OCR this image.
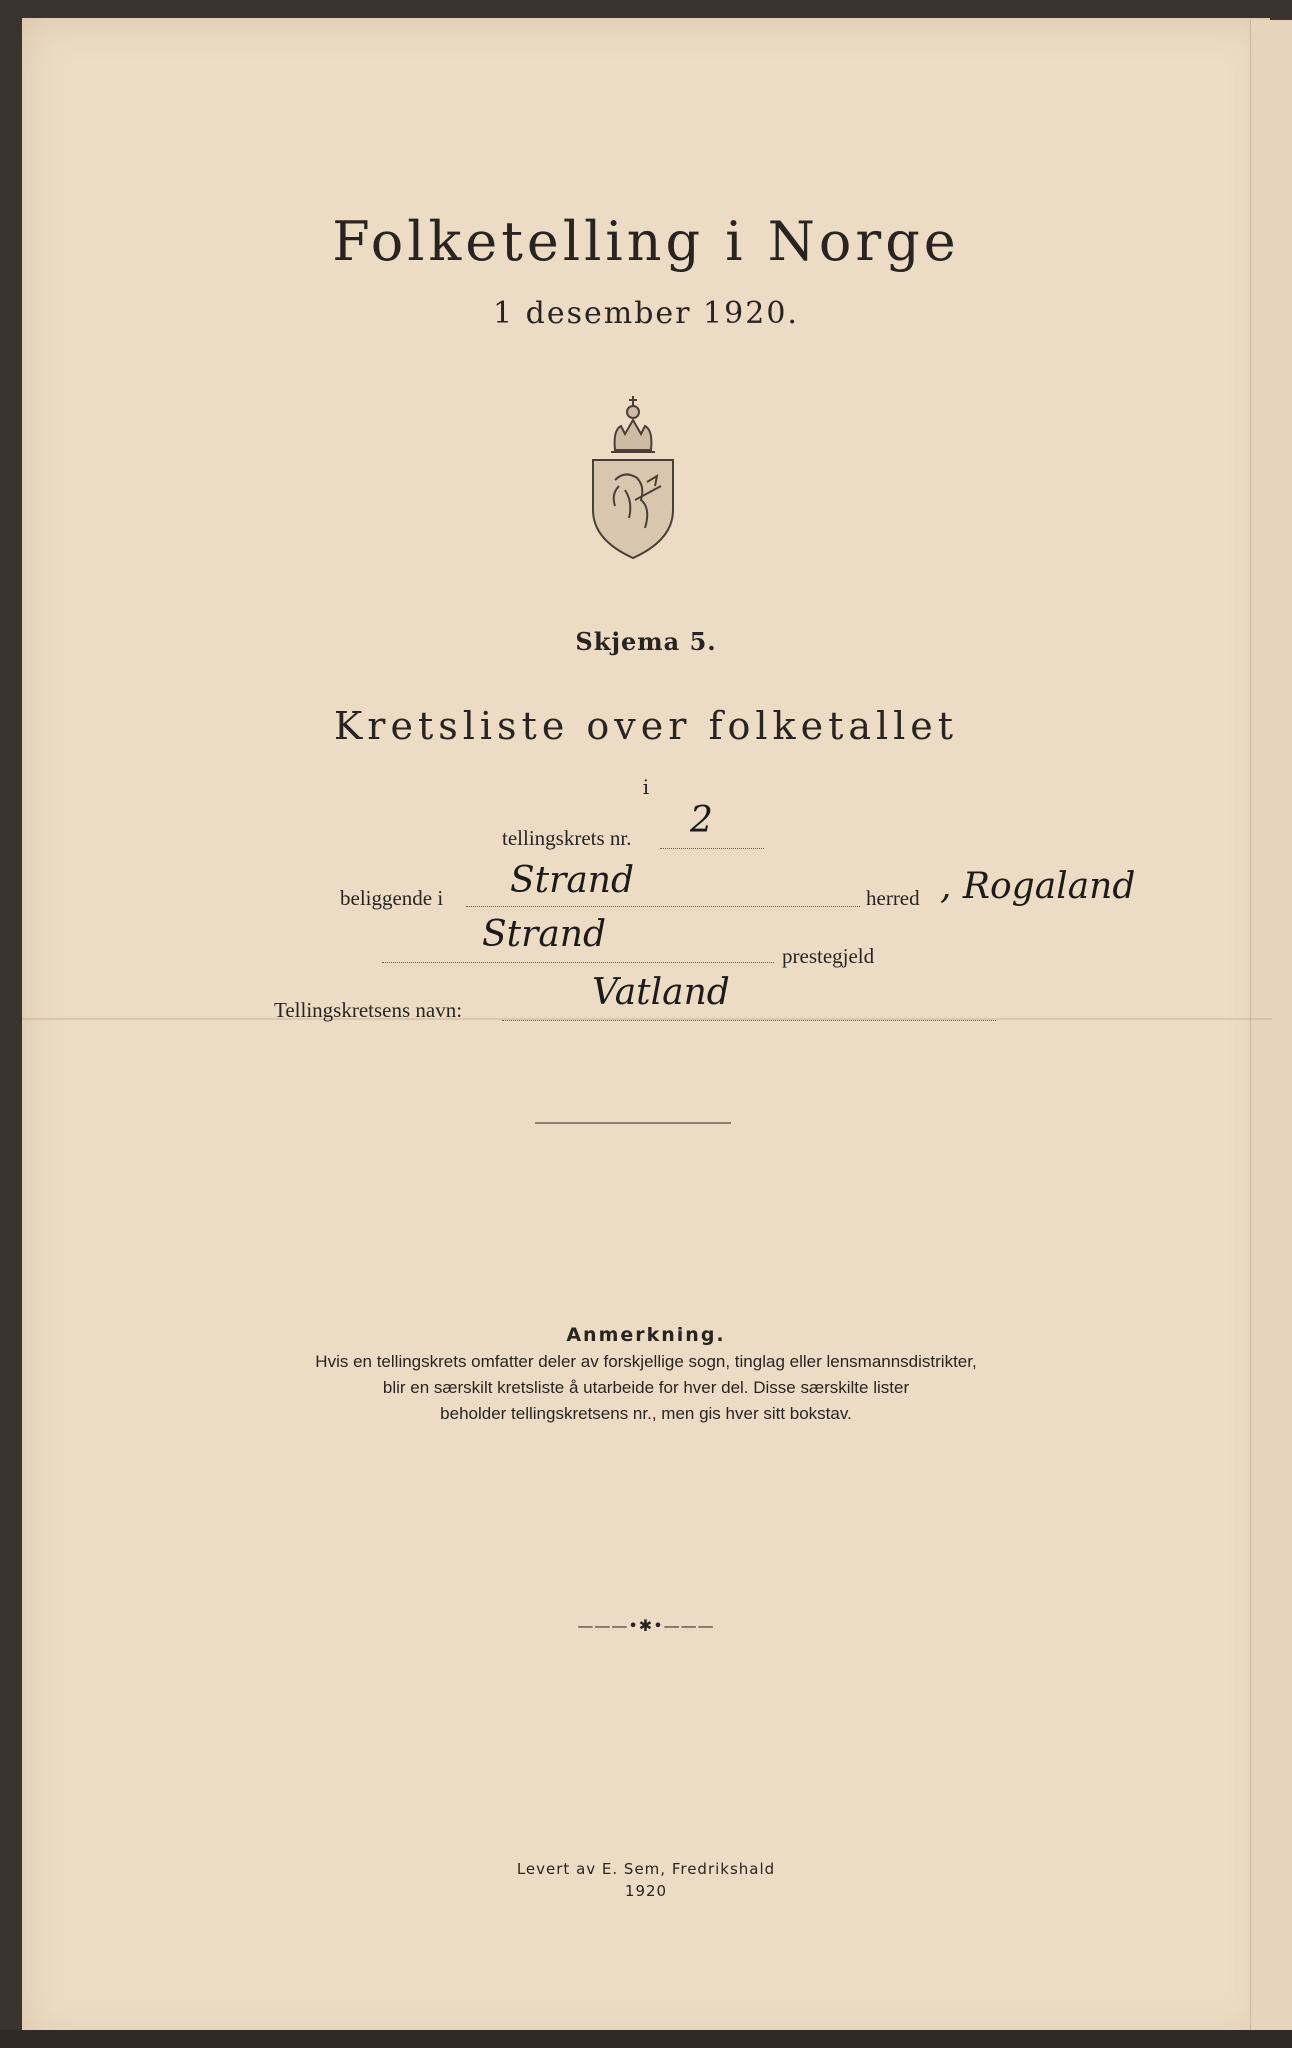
Folketelling i Norge
1 desember 1920.
Skjema 5.
Kretsliste over folketallet
i
tellingskrets nr. 2
beliggende i Strand	herred , Rogaland
Strand
prestegjeld
Tellingskretsens navn:	Vatland
Anmerkning.
Hvis en tellingskrets omfatter deler av forskjellige sogn, tinglag eller lensmannsdistrikter,
blir en særskilt kretsliste å utarbeide for hver del. Disse særskilte lister
beholder tellingskretsens nr., men gis hver sitt bokstav.
———•✱•———
Levert av E. Sem, Fredrikshald
1920
